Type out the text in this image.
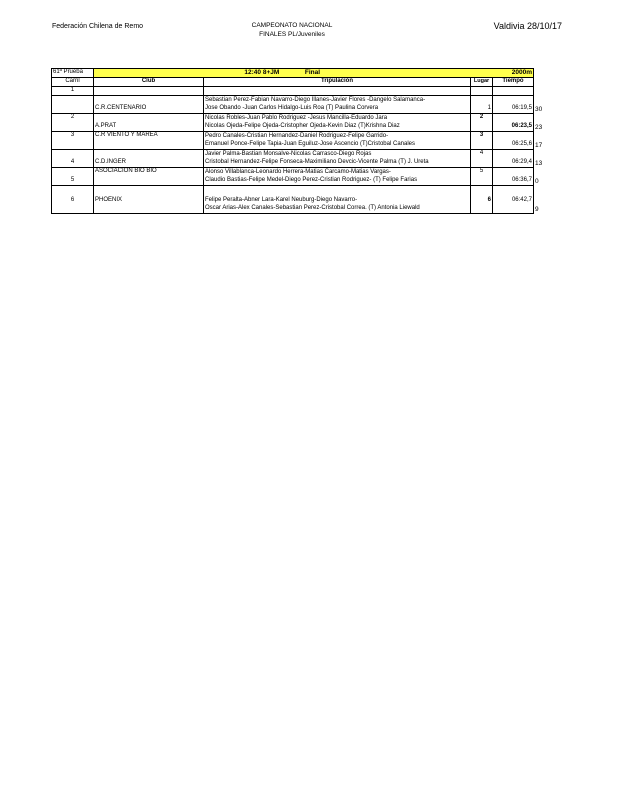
Federación Chilena de Remo	CAMPEONATO NACIONAL
FINALES PL/Juveniles
Valdivia 28/10/17
61ª Prueba	12:40 8+JM Final		2000m		
Carril	Club	Tripulación	Lugar	Tiempo	
1					
	C.R.CENTENARIO	Sebastian Perez-Fabian Navarro-Diego Illanes-Javier Flores -Dangelo Salamanca-	1	06:19,5	30
		Jose Obando -Juan Carlos Hidalgo-Luis Roa (T) Paulina Corvera			
2	A.PRAT	Nicolas Robles-Juan Pablo Rodriguez -Jesus Mancilla-Eduardo Jara	2	06:23,5	23
		Nicolas Ojeda-Felipe Ojeda-Cristopher Ojeda-Kevin Diaz (T)Krishna Diaz			
3	C.R VIENTO Y MAREA	Pedro Canales-Cristian Hernandez-Daniel Rodriguez-Felipe Garrido-	3	06:25,6	17
		Emanuel Ponce-Felipe Tapia-Juan Eguiluz-Jose Ascencio (T)Cristobal Canales			
4	C.D.INGER	Javier Palma-Bastian Monsalve-Nicolas Carrasco-Diego Rojas	4	06:29,4	13
		Cristobal Hernandez-Felipe Fonseca-Maximiliano Devcic-Vicente Palma (T) J. Ureta			
5	ASOCIACIÓN BIO BIO	Alonso Villablanca-Leonardo Herrera-Matias Carcamo-Matias Vargas-	5	06:36,7	0
		Claudio Bastias-Felipe Medel-Diego Perez-Cristian Rodriguez- (T) Felipe Farias			

6	PHOENIX	Felipe Peralta-Abner Lara-Karel Neuburg-Diego Navarro-	6	06:42,7	
		Oscar Arias-Alex Canales-Sebastian Perez-Cristobal Correa. (T) Antonia Liewald			9
